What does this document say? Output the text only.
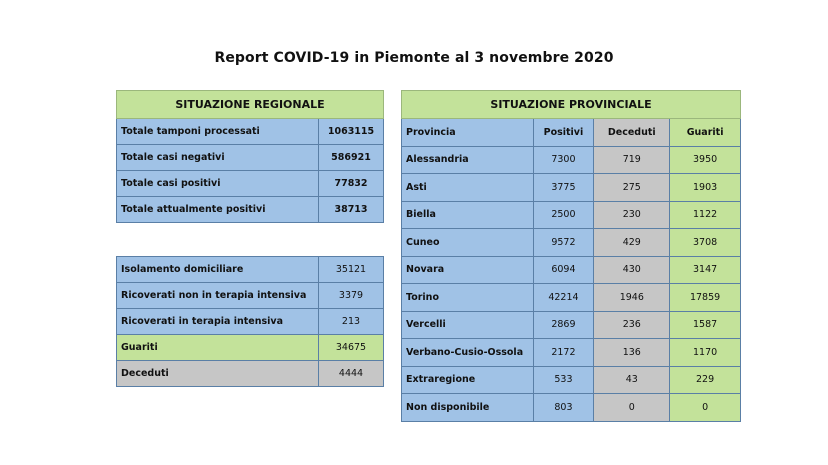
Report COVID-19 in Piemonte al 3 novembre 2020
SITUAZIONE REGIONALE	
Totale tamponi processati	1063115
Totale casi negativi	586921
Totale casi positivi	77832
Totale attualmente positivi	38713
Isolamento domiciliare	35121
Ricoverati non in terapia intensiva	3379
Ricoverati in terapia intensiva	213
Guariti	34675
Deceduti	4444
SITUAZIONE PROVINCIALE			
Provincia	Positivi	Deceduti	Guariti
Alessandria	7300	719	3950
Asti	3775	275	1903
Biella	2500	230	1122
Cuneo	9572	429	3708
Novara	6094	430	3147
Torino	42214	1946	17859
Vercelli	2869	236	1587
Verbano-Cusio-Ossola	2172	136	1170
Extraregione	533	43	229
Non disponibile	803	0	0
